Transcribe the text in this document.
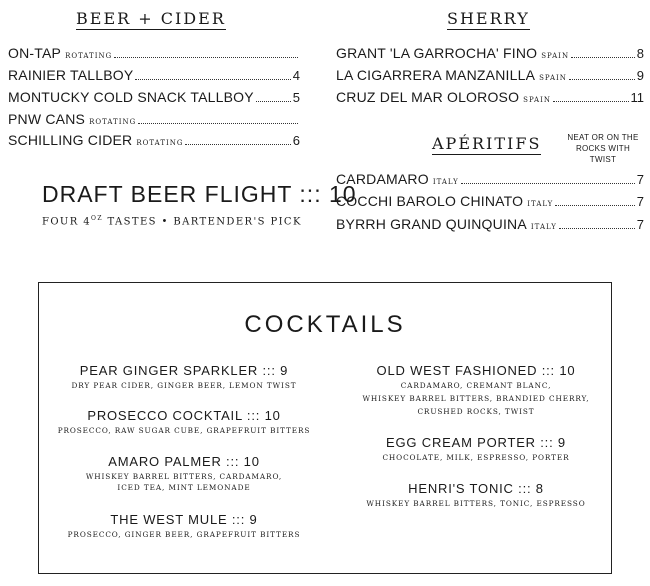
BEER + CIDER
ON-TAP ROTATING
RAINIER TALLBOY	4
MONTUCKY COLD SNACK TALLBOY	5
PNW CANS ROTATING
SCHILLING CIDER ROTATING	6
DRAFT BEER FLIGHT ::: 10
FOUR $4^{OZ}$ TASTES • BARTENDER'S PICK
SHERRY
GRANT 'LA GARROCHA' FINO SPAIN	8
LA CIGARRERA MANZANILLA SPAIN	9
CRUZ DEL MAR OLOROSO SPAIN	11
APÉRITIFS	NEAT OR ON THE
ROCKS WITH TWIST
CARDAMARO ITALY	7
COCCHI BAROLO CHINATO ITALY	7
BYRRH GRAND QUINQUINA ITALY	7
COCKTAILS
PEAR GINGER SPARKLER ::: 9
DRY PEAR CIDER, GINGER BEER, LEMON TWIST
PROSECCO COCKTAIL ::: 10
PROSECCO, RAW SUGAR CUBE, GRAPEFRUIT BITTERS
AMARO PALMER ::: 10
WHISKEY BARREL BITTERS, CARDAMARO,
ICED TEA, MINT LEMONADE
THE WEST MULE ::: 9
PROSECCO, GINGER BEER, GRAPEFRUIT BITTERS
OLD WEST FASHIONED ::: 10
CARDAMARO, CREMANT BLANC,
WHISKEY BARREL BITTERS, BRANDIED CHERRY,
CRUSHED ROCKS, TWIST
EGG CREAM PORTER ::: 9
CHOCOLATE, MILK, ESPRESSO, PORTER
HENRI'S TONIC ::: 8
WHISKEY BARREL BITTERS, TONIC, ESPRESSO
